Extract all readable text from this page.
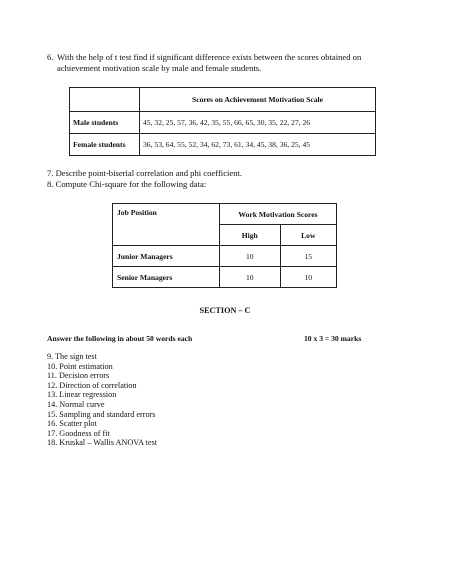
6. With the help of t test find if significant difference exists between the scores obtained on achievement motivation scale by male and female students.
	Scores on Achievement Motivation Scale
Male students	45, 32, 25, 57, 36, 42, 35, 55, 66, 65, 30, 35, 22, 27, 26
Female students	36, 53, 64, 55, 52, 34, 62, 73, 61, 34, 45, 38, 36, 25, 45
7. Describe point-biserial correlation and phi coefficient.
8. Compute Chi-square for the following data:
Job Position	Work Motivation Scores	
	High	Low
Junior Managers	10	15
Senior Managers	10	10
SECTION – C
Answer the following in about 50 words each	10 x 3 = 30 marks
9. The sign test
10. Point estimation
11. Decision errors
12. Direction of correlation
13. Linear regression
14. Normal curve
15. Sampling and standard errors
16. Scatter plot
17. Goodness of fit
18. Kruskal – Wallis ANOVA test
